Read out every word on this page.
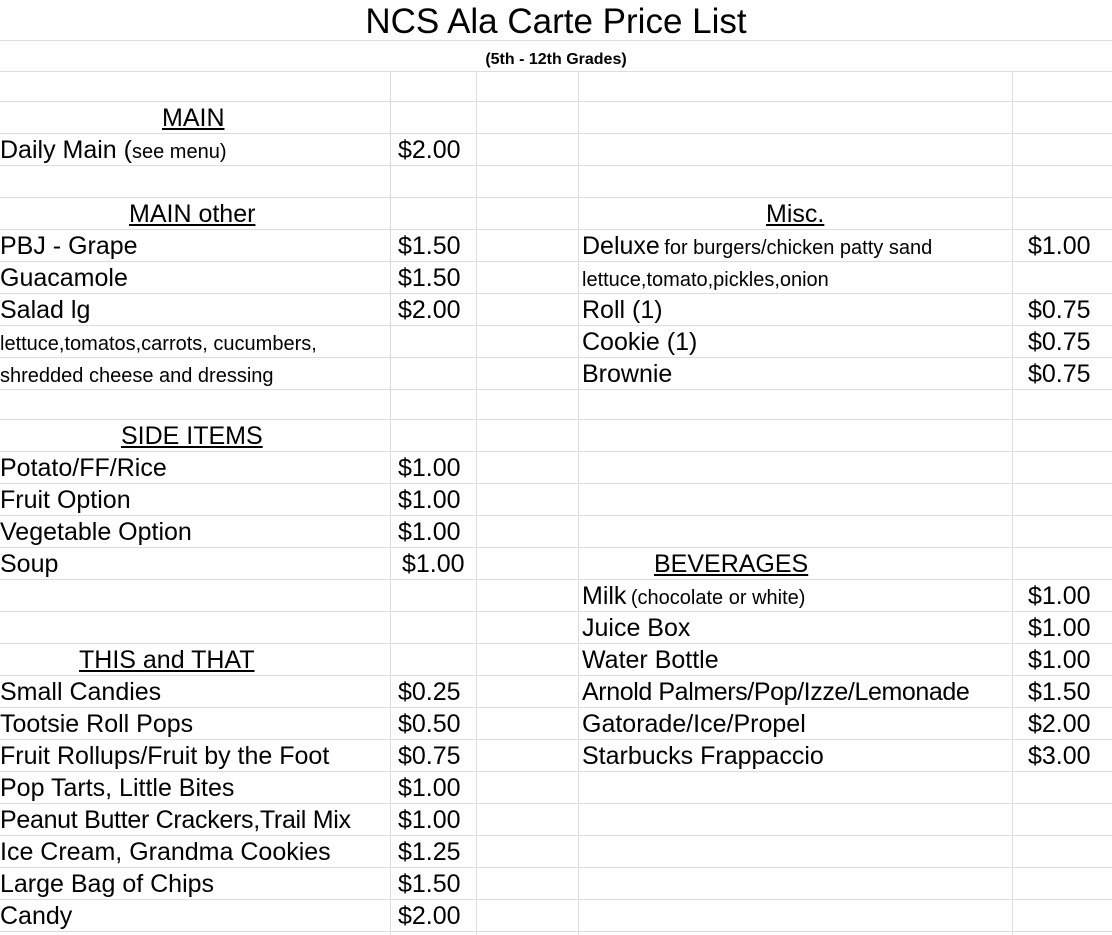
NCS Ala Carte Price List
(5th - 12th Grades)
MAIN
Daily Main (see menu)	$2.00
MAIN other
PBJ - Grape	$1.50
Guacamole	$1.50
Salad lg	$2.00
lettuce,tomatos,carrots, cucumbers,
shredded cheese and dressing
SIDE ITEMS
Potato/FF/Rice	$1.00
Fruit Option	$1.00
Vegetable Option	$1.00
Soup	$1.00
THIS and THAT
Small Candies	$0.25
Tootsie Roll Pops	$0.50
Fruit Rollups/Fruit by the Foot	$0.75
Pop Tarts, Little Bites	$1.00
Peanut Butter Crackers,Trail Mix $1.00
Ice Cream, Grandma Cookies	$1.25
Large Bag of Chips	$1.50
Candy	$2.00
Misc.
Deluxe for burgers/chicken patty sand	$1.00
lettuce,tomato,pickles,onion
Roll (1)	$0.75
Cookie (1)	$0.75
Brownie	$0.75
BEVERAGES
Milk (chocolate or white)	$1.00
Juice Box	$1.00
Water Bottle	$1.00
Arnold Palmers/Pop/Izze/Lemonade $1.50
Gatorade/Ice/Propel	$2.00
Starbucks Frappaccio	$3.00
